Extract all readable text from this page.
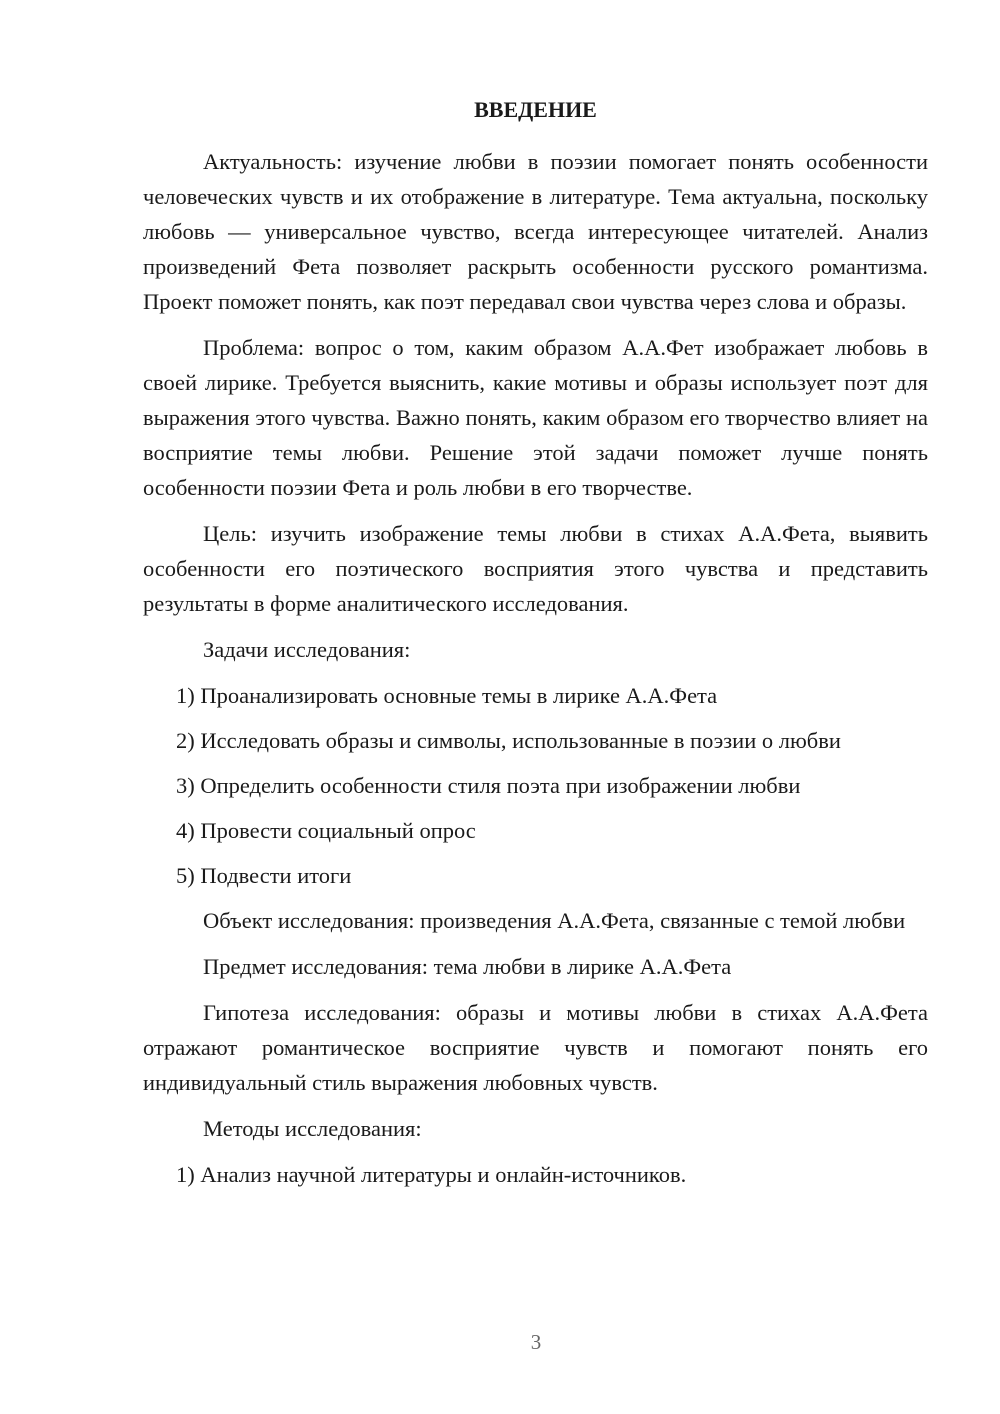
ВВЕДЕНИЕ
Актуальность: изучение любви в поэзии помогает понять особенности человеческих чувств и их отображение в литературе. Тема актуальна, поскольку любовь — универсальное чувство, всегда интересующее читателей. Анализ произведений Фета позволяет раскрыть особенности русского романтизма. Проект поможет понять, как поэт передавал свои чувства через слова и образы.
Проблема: вопрос о том, каким образом А.А.Фет изображает любовь в своей лирике. Требуется выяснить, какие мотивы и образы использует поэт для выражения этого чувства. Важно понять, каким образом его творчество влияет на восприятие темы любви. Решение этой задачи поможет лучше понять особенности поэзии Фета и роль любви в его творчестве.
Цель: изучить изображение темы любви в стихах А.А.Фета, выявить особенности его поэтического восприятия этого чувства и представить результаты в форме аналитического исследования.
Задачи исследования:
1) Проанализировать основные темы в лирике А.А.Фета
2) Исследовать образы и символы, использованные в поэзии о любви
3) Определить особенности стиля поэта при изображении любви
4) Провести социальный опрос
5) Подвести итоги
Объект исследования: произведения А.А.Фета, связанные с темой любви
Предмет исследования: тема любви в лирике А.А.Фета
Гипотеза исследования: образы и мотивы любви в стихах А.А.Фета отражают романтическое восприятие чувств и помогают понять его индивидуальный стиль выражения любовных чувств.
Методы исследования:
1) Анализ научной литературы и онлайн-источников.
3
